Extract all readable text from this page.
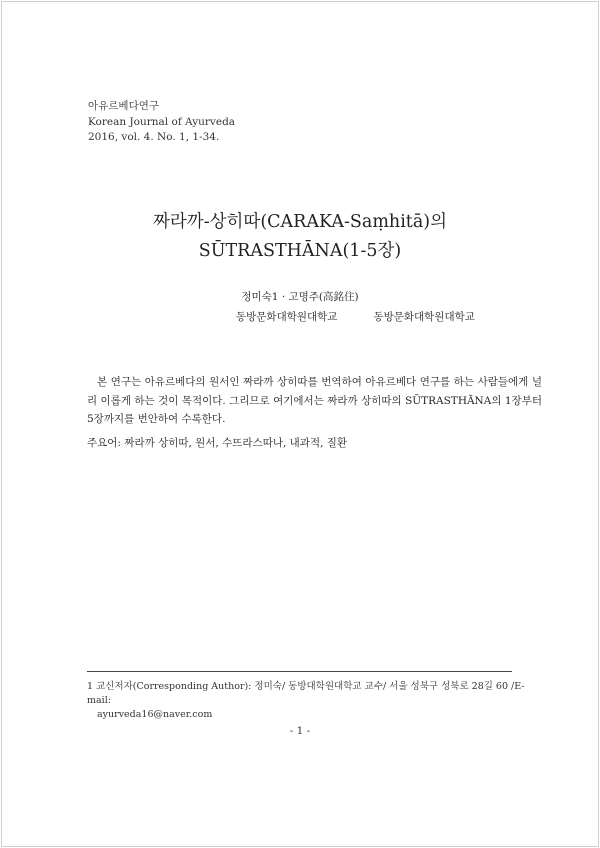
아유르베다연구
Korean Journal of Ayurveda
2016, vol. 4. No. 1, 1-34.
짜라까-상히따(CARAKA-Saṃhitā)의
SŪTRASTHĀNA(1-5장)
정미숙1 · 고명주(高銘住)
동방문화대학원대학교	동방문화대학원대학교
본 연구는 아유르베다의 원서인 짜라까 상히따를 번역하여 아유르베다 연구를 하는 사람들에게 널리 이롭게 하는 것이 목적이다. 그리므로 여기에서는 짜라까 상히따의 SŪTRASTHĀNA의 1장부터 5장까지를 번안하여 수록한다.
주요어: 짜라까 상히따, 원서, 수뜨라스따나, 내과적, 질환
1 교신저자(Corresponding Author): 정미숙/ 동방대학원대학교 교수/ 서울 성북구 성북로 28길 60 /E-mail:
ayurveda16@naver.com
- 1 -
